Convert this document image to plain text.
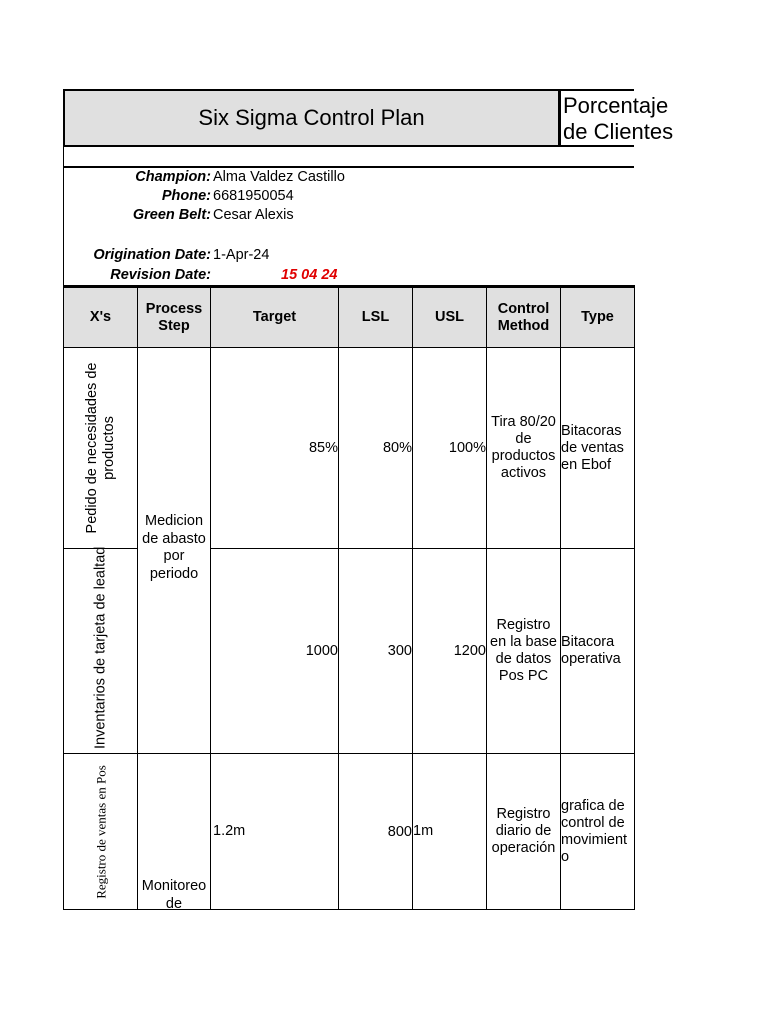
Six Sigma Control Plan	Porcentaje de Clientes
Champion: Alma Valdez Castillo
Phone: 6681950054
Green Belt: Cesar Alexis
Origination Date: 1-Apr-24
Revision Date:	15 04 24
X's	Process Step	Target	LSL	USL	Control Method	Type

Pedido de necesidades de productos	Medicion de abasto por periodo	85%	80%	100%	Tira 80/20 de productos activos	Bitacoras de ventas en Ebof

Inventarios de tarjeta de lealtad		1000	300	1200	Registro en la base de datos Pos PC	Bitacora operativa

Registro de ventas en Pos	Monitoreo de	1.2m	800	1m	Registro diario de operación	grafica de control de movimiento
